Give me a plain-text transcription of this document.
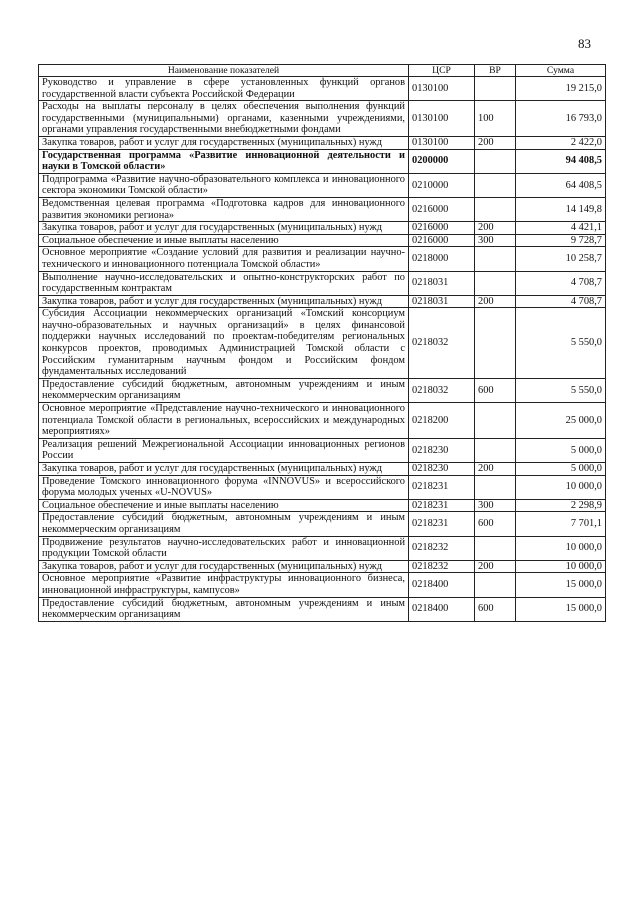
83
Наименование показателей	ЦСР	ВР	Сумма
Руководство и управление в сфере установленных функций органов государственной власти субъекта Российской Федерации	0130100		19 215,0
Расходы на выплаты персоналу в целях обеспечения выполнения функций государственными (муниципальными) органами, казенными учреждениями, органами управления государственными внебюджетными фондами	0130100	100	16 793,0
Закупка товаров, работ и услуг для государственных (муниципальных) нужд	0130100	200	2 422,0
Государственная программа «Развитие инновационной деятельности и науки в Томской области»	0200000		94 408,5
Подпрограмма «Развитие научно-образовательного комплекса и инновационного сектора экономики Томской области»	0210000		64 408,5
Ведомственная целевая программа «Подготовка кадров для инновационного развития экономики региона»	0216000		14 149,8
Закупка товаров, работ и услуг для государственных (муниципальных) нужд	0216000	200	4 421,1
Социальное обеспечение и иные выплаты населению	0216000	300	9 728,7
Основное мероприятие «Создание условий для развития и реализации научно-технического и инновационного потенциала Томской области»	0218000		10 258,7
Выполнение научно-исследовательских и опытно-конструкторских работ по государственным контрактам	0218031		4 708,7
Закупка товаров, работ и услуг для государственных (муниципальных) нужд	0218031	200	4 708,7
Субсидия Ассоциации некоммерческих организаций «Томский консорциум научно-образовательных и научных организаций» в целях финансовой поддержки научных исследований по проектам-победителям региональных конкурсов проектов, проводимых Администрацией Томской области с Российским гуманитарным научным фондом и Российским фондом фундаментальных исследований	0218032		5 550,0
Предоставление субсидий бюджетным, автономным учреждениям и иным некоммерческим организациям	0218032	600	5 550,0
Основное мероприятие «Представление научно-технического и инновационного потенциала Томской области в региональных, всероссийских и международных мероприятиях»	0218200		25 000,0
Реализация решений Межрегиональной Ассоциации инновационных регионов России	0218230		5 000,0
Закупка товаров, работ и услуг для государственных (муниципальных) нужд	0218230	200	5 000,0
Проведение Томского инновационного форума «INNOVUS» и всероссийского форума молодых ученых «U-NOVUS»	0218231		10 000,0
Социальное обеспечение и иные выплаты населению	0218231	300	2 298,9
Предоставление субсидий бюджетным, автономным учреждениям и иным некоммерческим организациям	0218231	600	7 701,1
Продвижение результатов научно-исследовательских работ и инновационной продукции Томской области	0218232		10 000,0
Закупка товаров, работ и услуг для государственных (муниципальных) нужд	0218232	200	10 000,0
Основное мероприятие «Развитие инфраструктуры инновационного бизнеса, инновационной инфраструктуры, кампусов»	0218400		15 000,0
Предоставление субсидий бюджетным, автономным учреждениям и иным некоммерческим организациям	0218400	600	15 000,0
